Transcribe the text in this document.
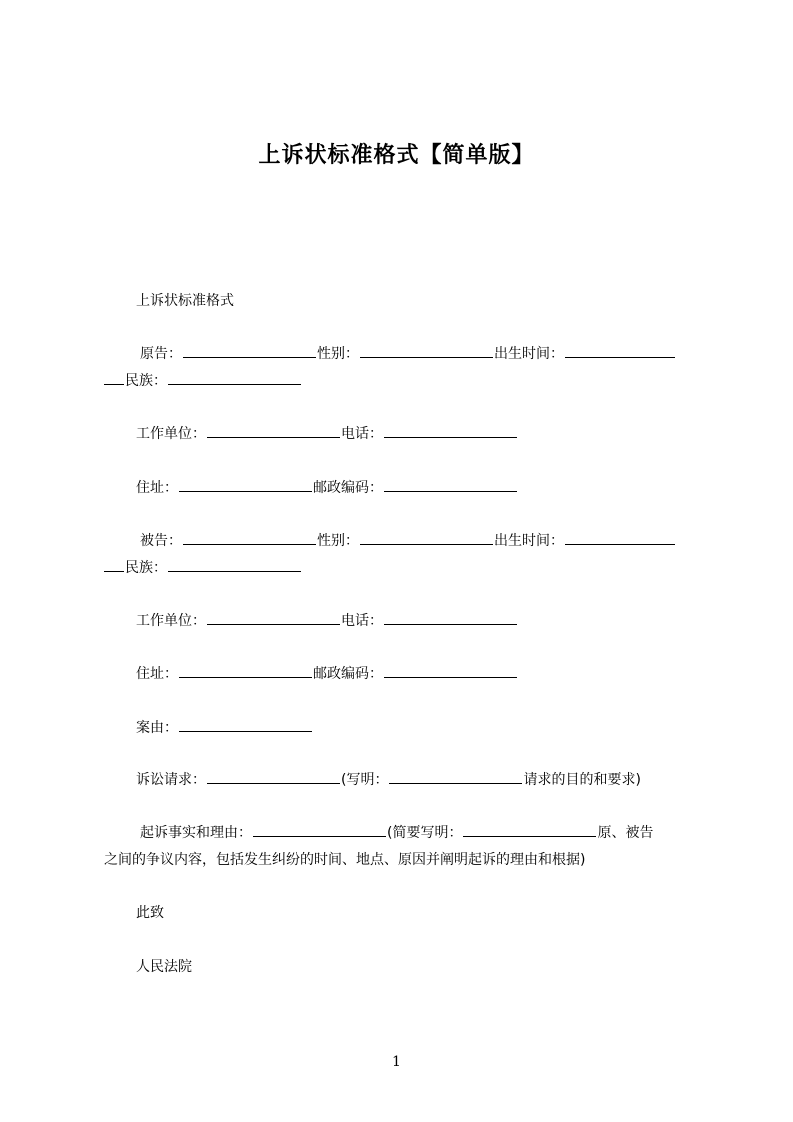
上诉状标准格式【简单版】
上诉状标准格式
原告：	性别：	出生时间：
民族：
工作单位：	电话：
住址：	邮政编码：
被告：	性别：	出生时间：
民族：
工作单位：	电话：
住址：	邮政编码：
案由：
诉讼请求：	(写明：	请求的目的和要求)
起诉事实和理由：	(简要写明：	原、被告
之间的争议内容，包括发生纠纷的时间、地点、原因并阐明起诉的理由和根据)
此致
人民法院
1
